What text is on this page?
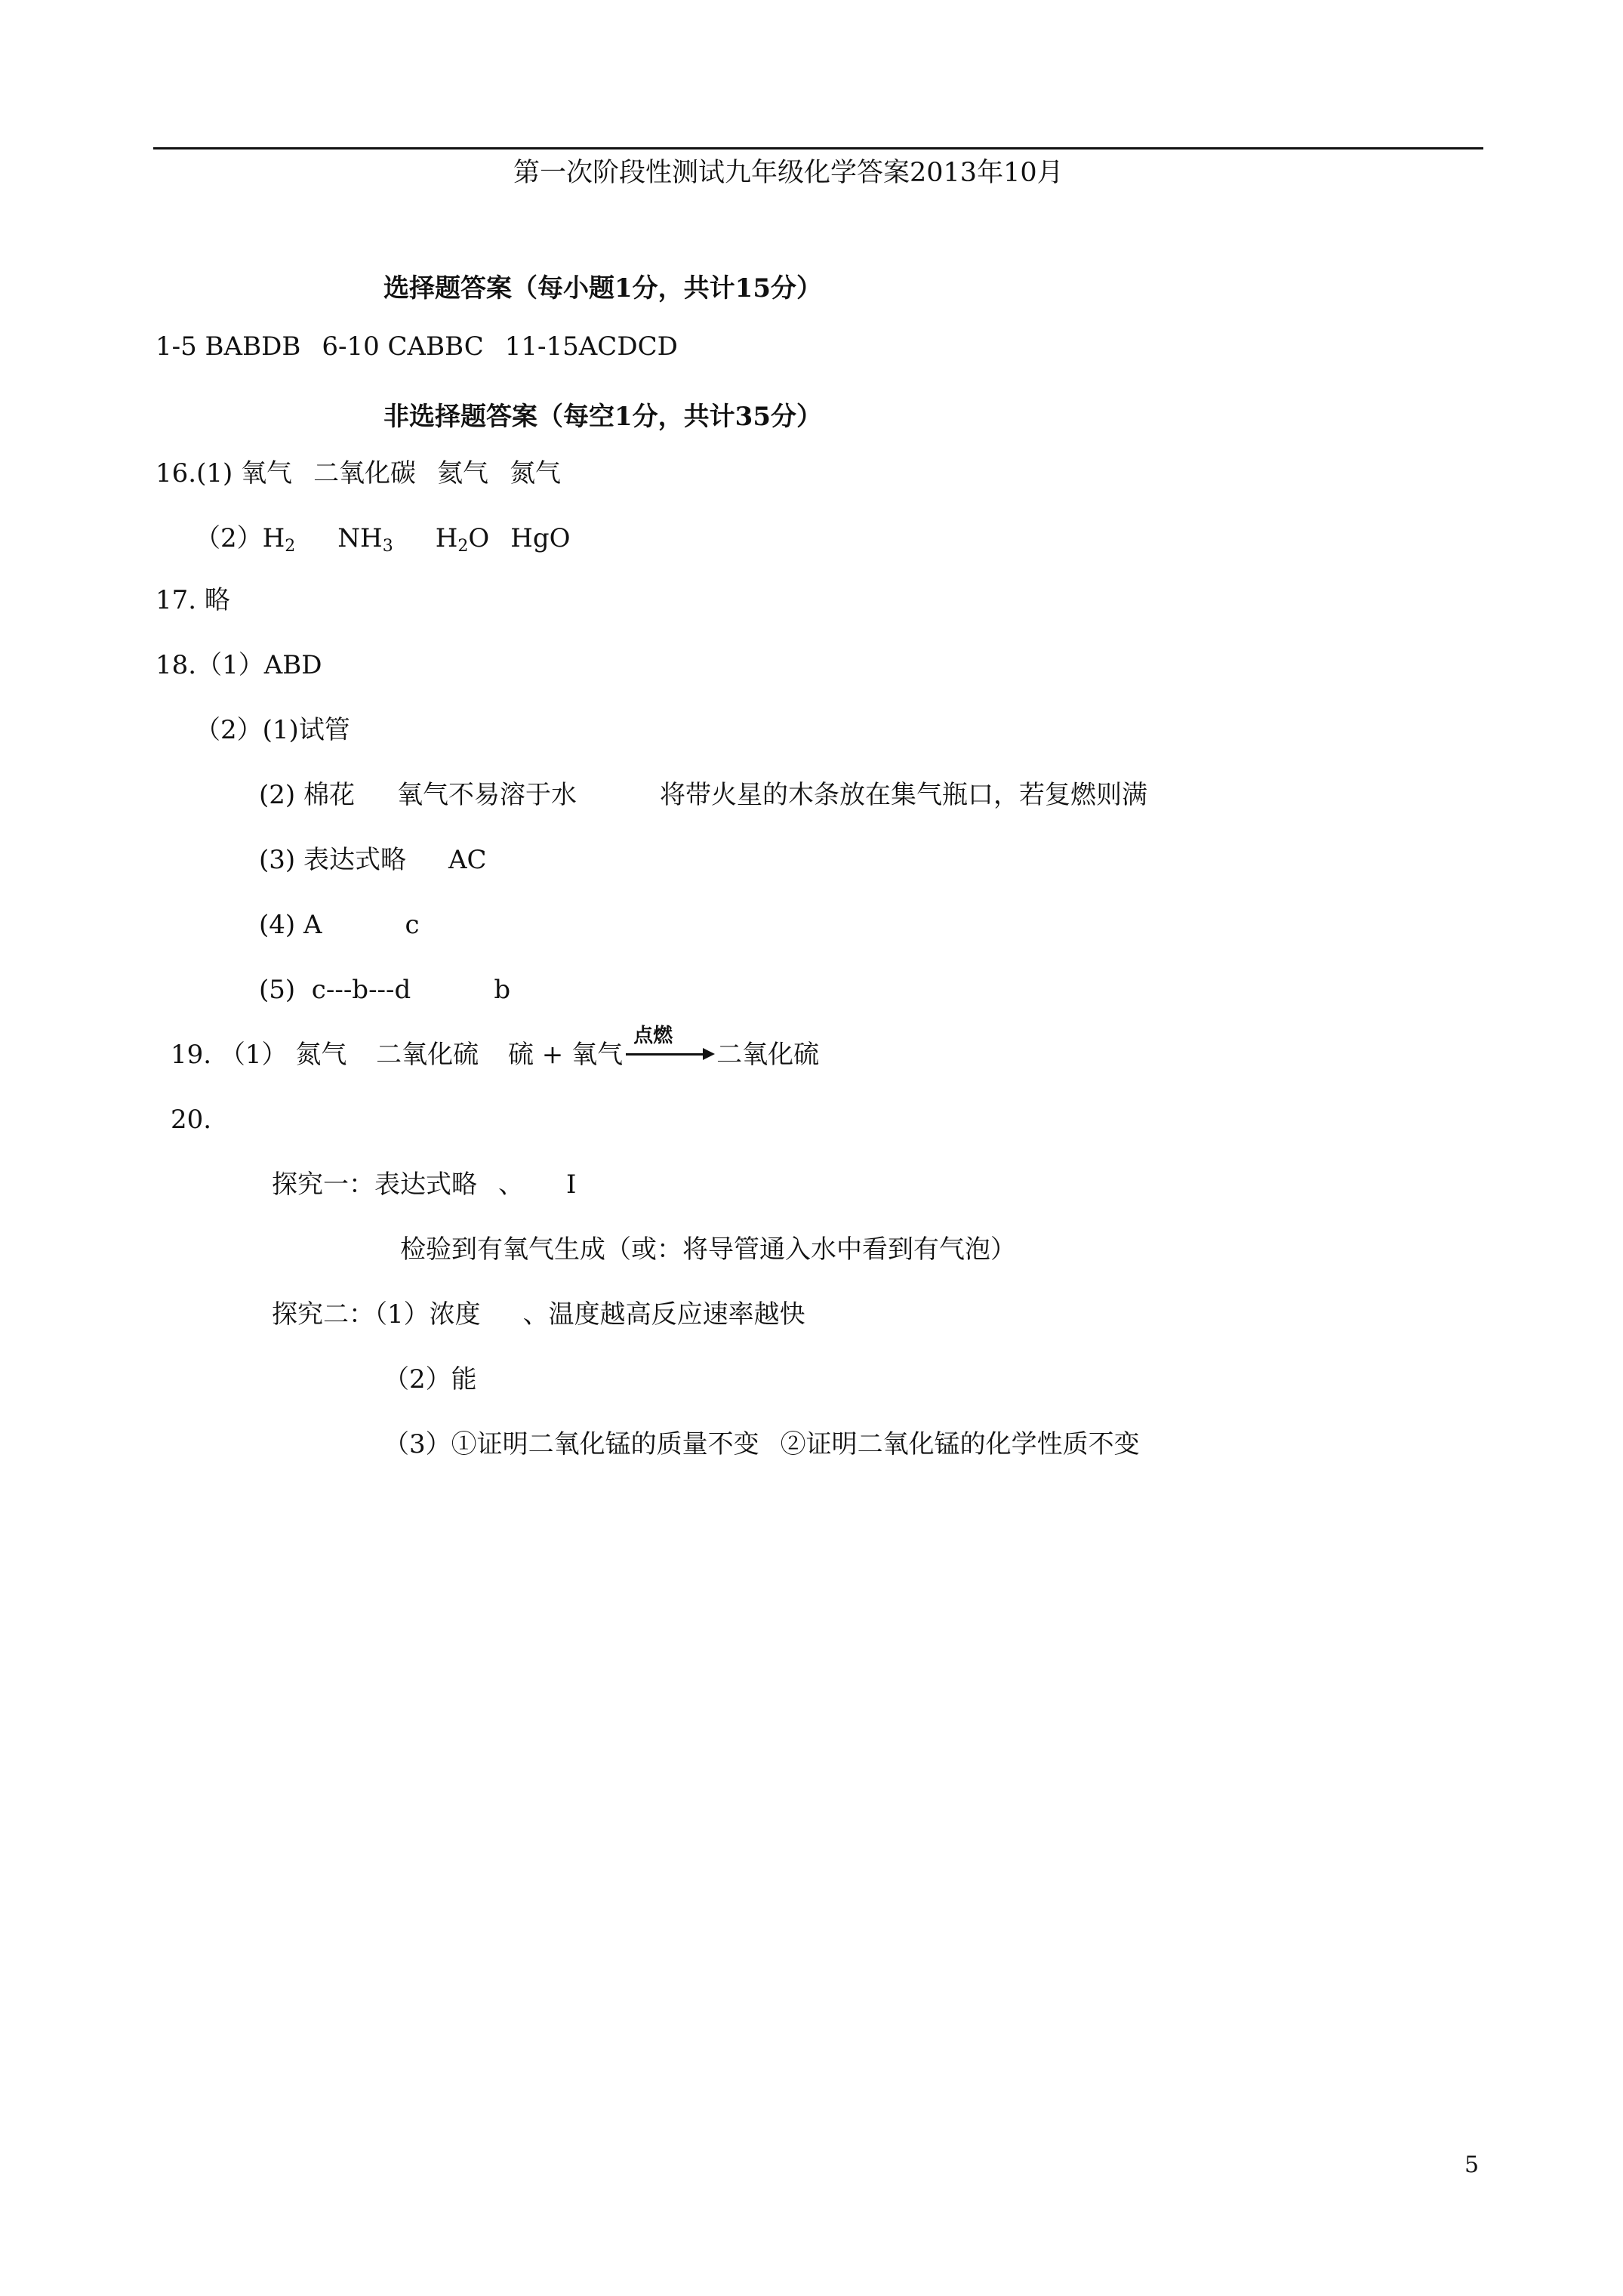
第一次阶段性测试九年级化学答案2013年10月
选择题答案（每小题1分，共计15分）
1-5 BABDB 6-10 CABBC 11-15ACDCD
非选择题答案（每空1分，共计35分）
16.(1) 氧气 二氧化碳 氦气 氮气
$(2)H_2$ $NH_3$ $H_2O$ HgO
17. 略
18.（1）ABD
（2）(1)试管
(2) 棉花 氧气不易溶于水	将带火星的木条放在集气瓶口，若复燃则满
(3) 表达式略 AC
(4) A	c
(5) c---b---d	b
19. （1） 氮气 二氧化硫 硫 + 氧气
点燃
二氧化硫
20.
探究一：表达式略 、 I
检验到有氧气生成（或：将导管通入水中看到有气泡）
探究二：（1）浓度 、温度越高反应速率越快
（2）能
（3）①证明二氧化锰的质量不变 ②证明二氧化锰的化学性质不变
5
